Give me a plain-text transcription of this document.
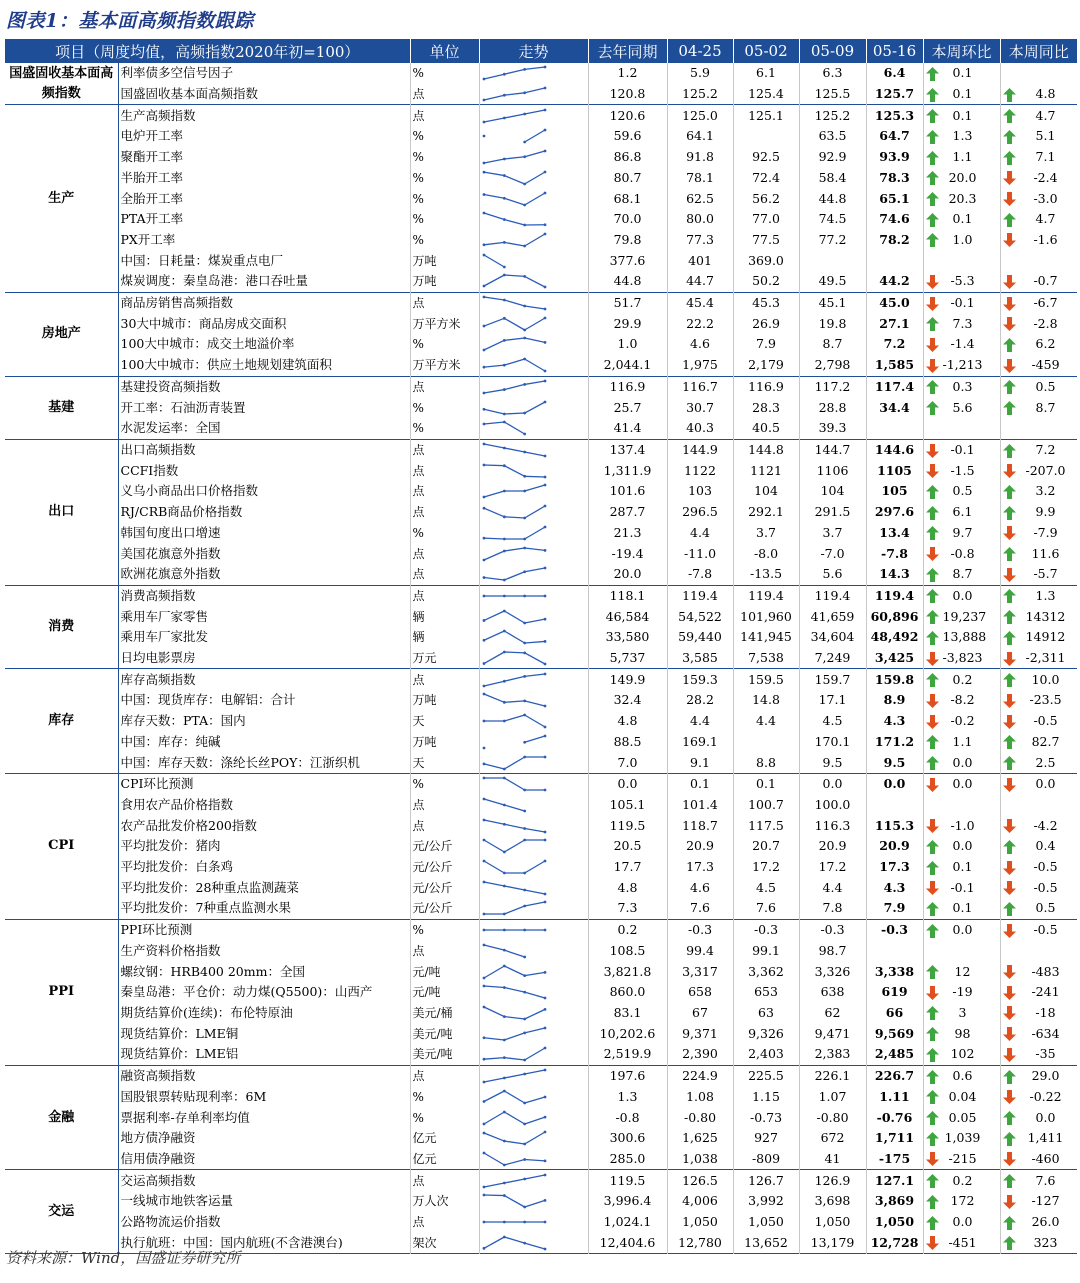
图表1：基本面高频指数跟踪
项目（周度均值，高频指数2020年初=100）		单位	走势	去年同期	04-25	05-02	05-09	05-16	本周环比	本周同比
国盛固收基本面高频指数	利率债多空信号因子	%		1.2	5.9	6.1	6.3	6.4	0.1	
	国盛固收基本面高频指数	点		120.8	125.2	125.4	125.5	125.7	0.1	4.8
生产	生产高频指数	点		120.6	125.0	125.1	125.2	125.3	0.1	4.7
	电炉开工率	%		59.6	64.1		63.5	64.7	1.3	5.1
	聚酯开工率	%		86.8	91.8	92.5	92.9	93.9	1.1	7.1
	半胎开工率	%		80.7	78.1	72.4	58.4	78.3	20.0	-2.4
	全胎开工率	%		68.1	62.5	56.2	44.8	65.1	20.3	-3.0
	PTA开工率	%		70.0	80.0	77.0	74.5	74.6	0.1	4.7
	PX开工率	%		79.8	77.3	77.5	77.2	78.2	1.0	-1.6
	中国：日耗量：煤炭重点电厂	万吨		377.6	401	369.0				
	煤炭调度：秦皇岛港：港口吞吐量	万吨		44.8	44.7	50.2	49.5	44.2	-5.3	-0.7
房地产	商品房销售高频指数	点		51.7	45.4	45.3	45.1	45.0	-0.1	-6.7
	30大中城市：商品房成交面积	万平方米		29.9	22.2	26.9	19.8	27.1	7.3	-2.8
	100大中城市：成交土地溢价率	%		1.0	4.6	7.9	8.7	7.2	-1.4	6.2
	100大中城市：供应土地规划建筑面积	万平方米		2,044.1	1,975	2,179	2,798	1,585	-1,213	-459
基建	基建投资高频指数	点		116.9	116.7	116.9	117.2	117.4	0.3	0.5
	开工率：石油沥青装置	%		25.7	30.7	28.3	28.8	34.4	5.6	8.7
	水泥发运率：全国	%		41.4	40.3	40.5	39.3			
出口	出口高频指数	点		137.4	144.9	144.8	144.7	144.6	-0.1	7.2
	CCFI指数	点		1,311.9	1122	1121	1106	1105	-1.5	-207.0
	义乌小商品出口价格指数	点		101.6	103	104	104	105	0.5	3.2
	RJ/CRB商品价格指数	点		287.7	296.5	292.1	291.5	297.6	6.1	9.9
	韩国旬度出口增速	%		21.3	4.4	3.7	3.7	13.4	9.7	-7.9
	美国花旗意外指数	点		-19.4	-11.0	-8.0	-7.0	-7.8	-0.8	11.6
	欧洲花旗意外指数	点		20.0	-7.8	-13.5	5.6	14.3	8.7	-5.7
消费	消费高频指数	点		118.1	119.4	119.4	119.4	119.4	0.0	1.3
	乘用车厂家零售	辆		46,584	54,522	101,960	41,659	60,896	19,237	14312
	乘用车厂家批发	辆		33,580	59,440	141,945	34,604	48,492	13,888	14912
	日均电影票房	万元		5,737	3,585	7,538	7,249	3,425	-3,823	-2,311
库存	库存高频指数	点		149.9	159.3	159.5	159.7	159.8	0.2	10.0
	中国：现货库存：电解铝：合计	万吨		32.4	28.2	14.8	17.1	8.9	-8.2	-23.5
	库存天数：PTA：国内	天		4.8	4.4	4.4	4.5	4.3	-0.2	-0.5
	中国：库存：纯碱	万吨		88.5	169.1		170.1	171.2	1.1	82.7
	中国：库存天数：涤纶长丝POY：江浙织机	天		7.0	9.1	8.8	9.5	9.5	0.0	2.5
CPI	CPI环比预测	%		0.0	0.1	0.1	0.0	0.0	0.0	0.0
	食用农产品价格指数	点		105.1	101.4	100.7	100.0			
	农产品批发价格200指数	点		119.5	118.7	117.5	116.3	115.3	-1.0	-4.2
	平均批发价：猪肉	元/公斤		20.5	20.9	20.7	20.9	20.9	0.0	0.4
	平均批发价：白条鸡	元/公斤		17.7	17.3	17.2	17.2	17.3	0.1	-0.5
	平均批发价：28种重点监测蔬菜	元/公斤		4.8	4.6	4.5	4.4	4.3	-0.1	-0.5
	平均批发价：7种重点监测水果	元/公斤		7.3	7.6	7.6	7.8	7.9	0.1	0.5
PPI	PPI环比预测	%		0.2	-0.3	-0.3	-0.3	-0.3	0.0	-0.5
	生产资料价格指数	点		108.5	99.4	99.1	98.7			
	螺纹钢：HRB400 20mm：全国	元/吨		3,821.8	3,317	3,362	3,326	3,338	12	-483
	秦皇岛港：平仓价：动力煤(Q5500)：山西产	元/吨		860.0	658	653	638	619	-19	-241
	期货结算价(连续)：布伦特原油	美元/桶		83.1	67	63	62	66	3	-18
	现货结算价：LME铜	美元/吨		10,202.6	9,371	9,326	9,471	9,569	98	-634
	现货结算价：LME铝	美元/吨		2,519.9	2,390	2,403	2,383	2,485	102	-35
金融	融资高频指数	点		197.6	224.9	225.5	226.1	226.7	0.6	29.0
	国股银票转贴现利率：6M	%		1.3	1.08	1.15	1.07	1.11	0.04	-0.22
	票据利率-存单利率均值	%		-0.8	-0.80	-0.73	-0.80	-0.76	0.05	0.0
	地方债净融资	亿元		300.6	1,625	927	672	1,711	1,039	1,411
	信用债净融资	亿元		285.0	1,038	-809	41	-175	-215	-460
交运	交运高频指数	点		119.5	126.5	126.7	126.9	127.1	0.2	7.6
	一线城市地铁客运量	万人次		3,996.4	4,006	3,992	3,698	3,869	172	-127
	公路物流运价指数	点		1,024.1	1,050	1,050	1,050	1,050	0.0	26.0
	执行航班：中国：国内航班(不含港澳台)	架次		12,404.6	12,780	13,652	13,179	12,728	-451	323
资料来源：Wind，国盛证券研究所
